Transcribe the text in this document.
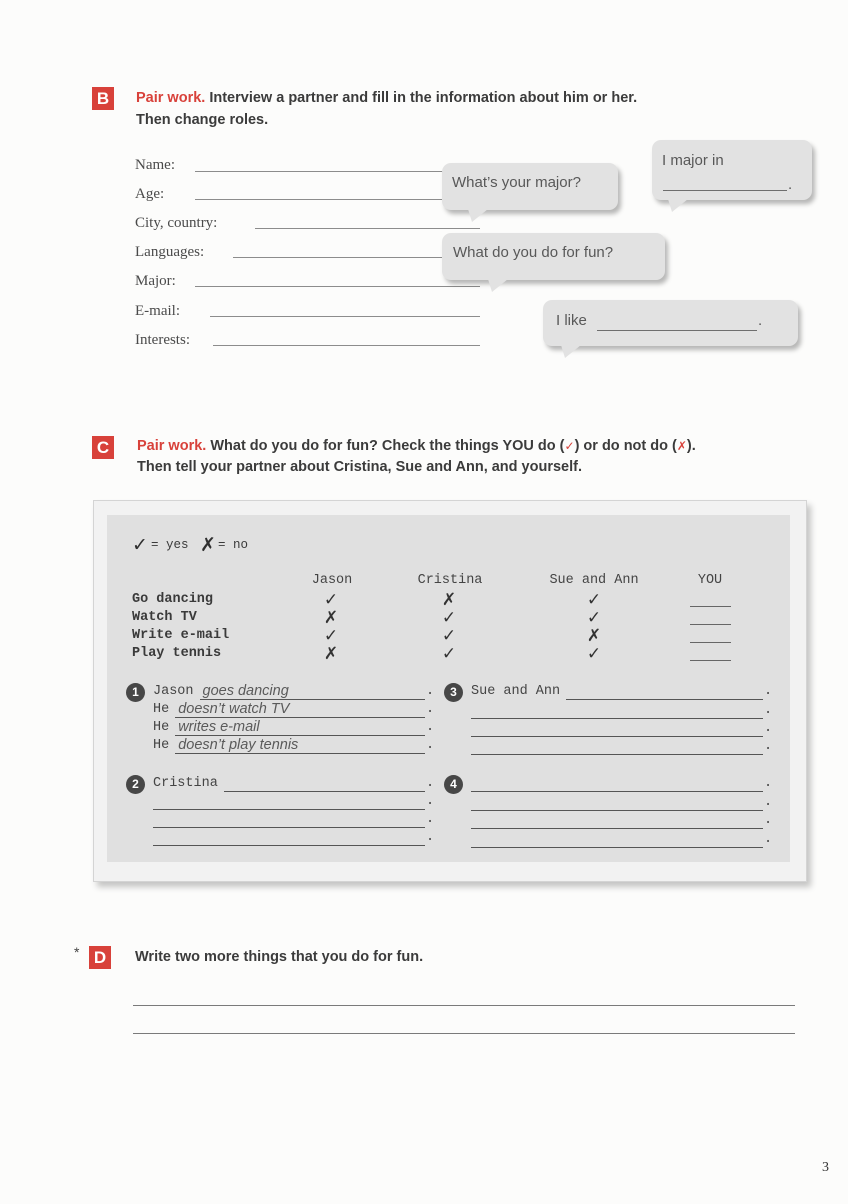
B	Pair work. Interview a partner and fill in the information about him or her.
Then change roles.
Name:
Age:
City, country:
Languages:
Major:
E-mail:
Interests:
What’s your major?
I major in
.
What do you do for fun?
I like	.
C	Pair work. What do you do for fun? Check the things YOU do (✓) or do not do (✗).
Then tell your partner about Cristina, Sue and Ann, and yourself.
✓ = yes ✗ = no
Jason	Cristina	Sue and Ann	YOU
Go dancing	✓	✗	✓
Watch TV	✗	✓	✓
Write e-mail	✓	✓	✗
Play tennis	✗	✓	✓
1	Jason goes dancing	.
He doesn’t watch TV	.
He writes e-mail	.
He doesn’t play tennis	.
2	Cristina	.
.
.
.
3	Sue and Ann	.
.
.
.
4	.
.
.
.
* D	Write two more things that you do for fun.
3
